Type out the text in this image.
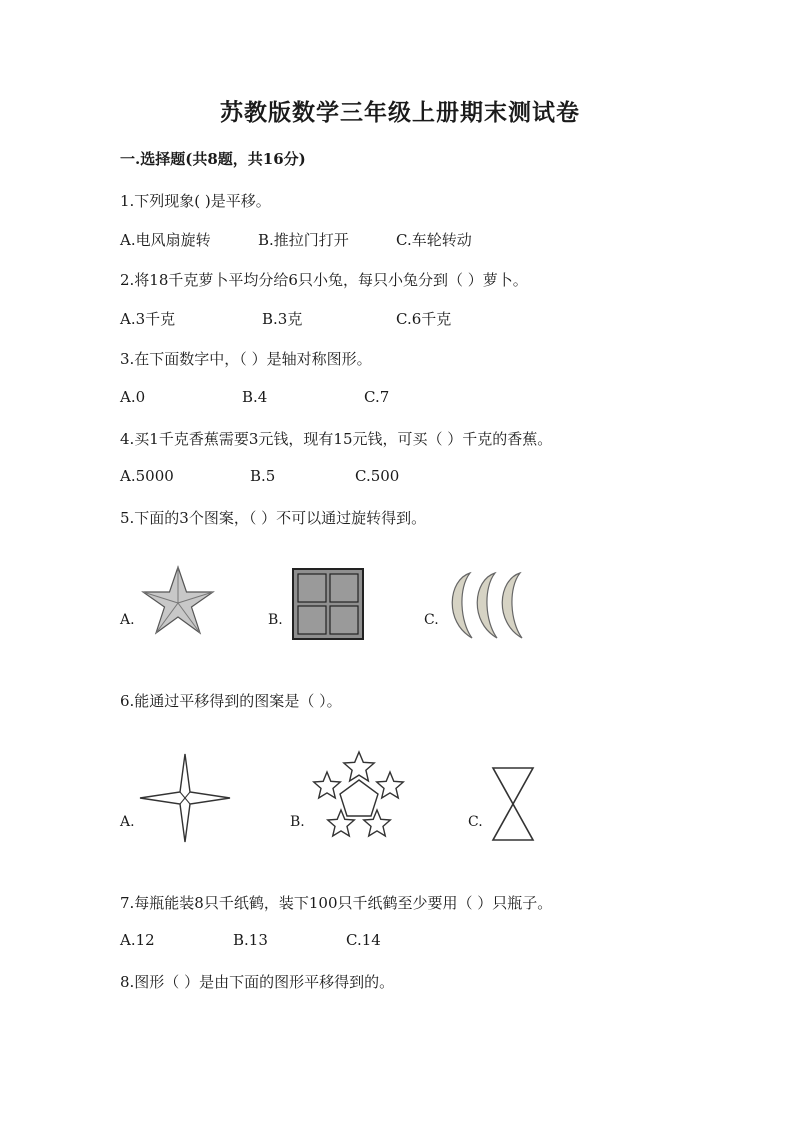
苏教版数学三年级上册期末测试卷
一.选择题(共8题，共16分)
1.下列现象( )是平移。
A.电风扇旋转	B.推拉门打开	C.车轮转动
2.将18千克萝卜平均分给6只小兔，每只小兔分到（ ）萝卜。
A.3千克	B.3克	C.6千克
3.在下面数字中，（ ）是轴对称图形。
A.0	B.4	C.7
4.买1千克香蕉需要3元钱，现有15元钱，可买（ ）千克的香蕉。
A.5000	B.5	C.500
5.下面的3个图案，（ ）不可以通过旋转得到。
A.	B.	C.
6.能通过平移得到的图案是（ ）。
A.	B.	C.
7.每瓶能装8只千纸鹤，装下100只千纸鹤至少要用（ ）只瓶子。
A.12	B.13	C.14
8.图形（ ）是由下面的图形平移得到的。
